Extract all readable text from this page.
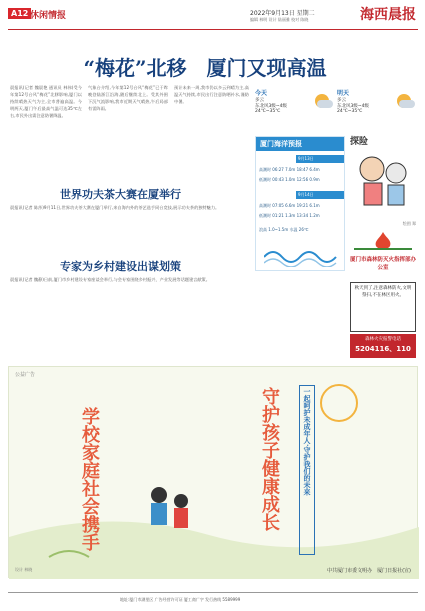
A12 休闲情报	2022年9月13日 星期二
编辑 林明 设计 陆丽雅 校对 陈晓	海西晨报
“梅花”北移　厦门又现高温
晨报讯(记者 魏晨艳 通讯员 林伟)受今年第12号台风“梅花”北移影响,厦门以持续晴热天气为主,全市普遍高温。今明两天,厦门午后最高气温可达35℃左右,市民外出需注意防暑降温。
气象台介绍,今年第12号台风“梅花”已于昨晚登陆浙江沿海,随后继续北上。受其外围下沉气流影响,我市近期天气晴热,午后局部有雷阵雨。
预计未来一周,我市仍以多云到晴为主,高温天气持续,市民出行注意防晒补水,谨防中暑。
今天
多云
东北风3级~4级
24℃~35℃
明天
多云
东北风3级~4级
24℃~35℃
厦门海洋预报
9月13日
高潮时 06:27 7.0m 18:47 6.4m
低潮时 00:43 1.0m 12:56 0.9m
9月14日
高潮时 07:05 6.6m 19:21 6.1m
低潮时 01:21 1.3m 13:34 1.2m
浪高 1.0~1.5m 水温 26℃
探险
绘图 郑
厦门市森林防灭火指挥部办公室
秋天到了,注意森林防火,文明祭扫,不在林区用火。
森林火灾报警电话
5204116、110
世界功夫茶大赛在厦举行
晨报讯(记者 陈莎)9月11日,世界功夫茶大赛在厦门举行,来自海内外的茶艺选手同台竞技,展示功夫茶的独特魅力。
专家为乡村建设出谋划策
晨报讯(记者 魏静)日前,厦门市乡村建设专家座谈会举行,与会专家围绕乡村振兴、产业发展等话题建言献策。
公益广告
学校家庭社会携手	守护孩子健康成长	一起呵护未成年人·守护我们的未来
设计 林晓	中共厦门市委文明办　厦门日报社(宣)
地址:厦门市湖里区 广告经营许可证 厦工商广字 发行热线 5589999
